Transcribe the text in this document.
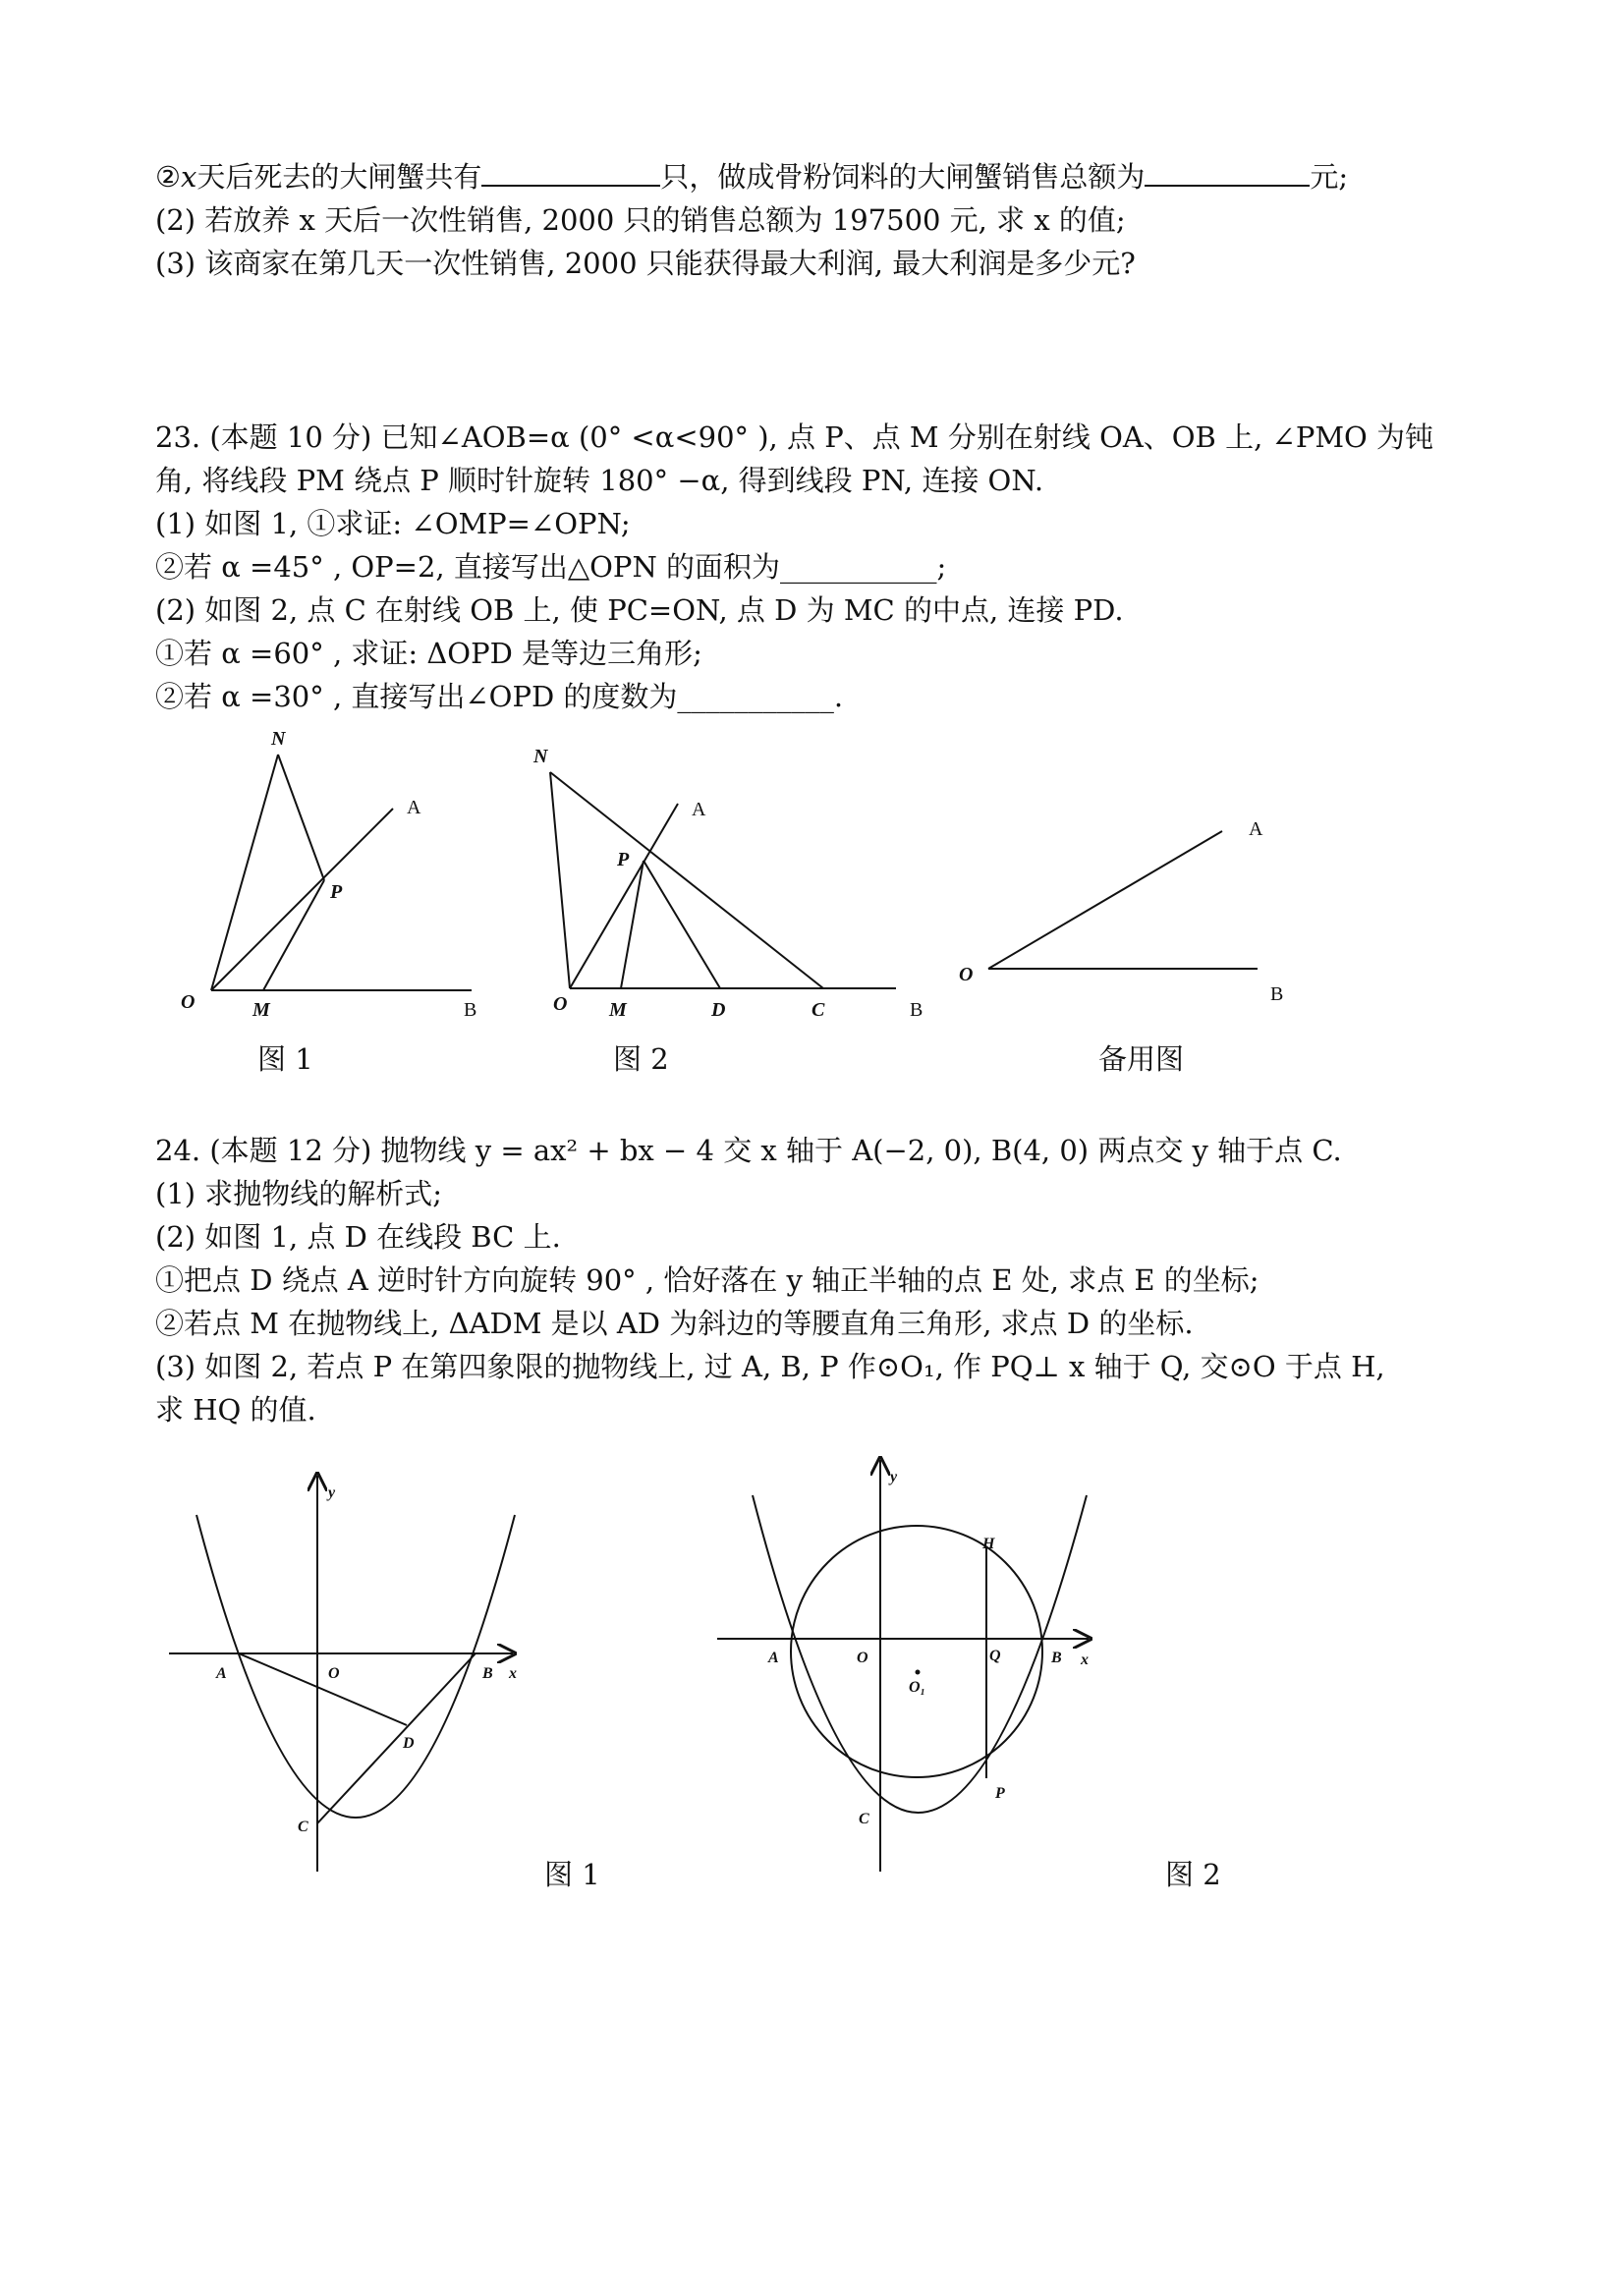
②x天后死去的大闸蟹共有	只，做成骨粉饲料的大闸蟹销售总额为	元;
(2) 若放养 x 天后一次性销售, 2000 只的销售总额为 197500 元, 求 x 的值;
(3) 该商家在第几天一次性销售, 2000 只能获得最大利润, 最大利润是多少元?
23. (本题 10 分) 已知∠AOB=α (0° <α<90° ), 点 P、点 M 分别在射线 OA、OB 上, ∠PMO 为钝
角, 将线段 PM 绕点 P 顺时针旋转 180° −α, 得到线段 PN, 连接 ON.
(1) 如图 1, ①求证: ∠OMP=∠OPN;
②若 α =45° , OP=2, 直接写出△OPN 的面积为___________;
(2) 如图 2, 点 C 在射线 OB 上, 使 PC=ON, 点 D 为 MC 的中点, 连接 PD.
①若 α =60° , 求证: ΔOPD 是等边三角形;
②若 α =30° , 直接写出∠OPD 的度数为___________.
N
A
P
O	M	B
图 1
N
A
P
O M	D	C	B
图 2
A
O
B
备用图
24. (本题 12 分) 抛物线 y = ax² + bx − 4 交 x 轴于 A(−2, 0), B(4, 0) 两点交 y 轴于点 C.
(1) 求抛物线的解析式;
(2) 如图 1, 点 D 在线段 BC 上.
①把点 D 绕点 A 逆时针方向旋转 90° , 恰好落在 y 轴正半轴的点 E 处, 求点 E 的坐标;
②若点 M 在抛物线上, ΔADM 是以 AD 为斜边的等腰直角三角形, 求点 D 的坐标.
(3) 如图 2, 若点 P 在第四象限的抛物线上, 过 A, B, P 作⊙O₁, 作 PQ⊥ x 轴于 Q, 交⊙O 于点 H,
求 HQ 的值.
y
x
A	O	B
D
C
图 1
y
x
A	O	Q	B
H
O₁
P
C
图 2
